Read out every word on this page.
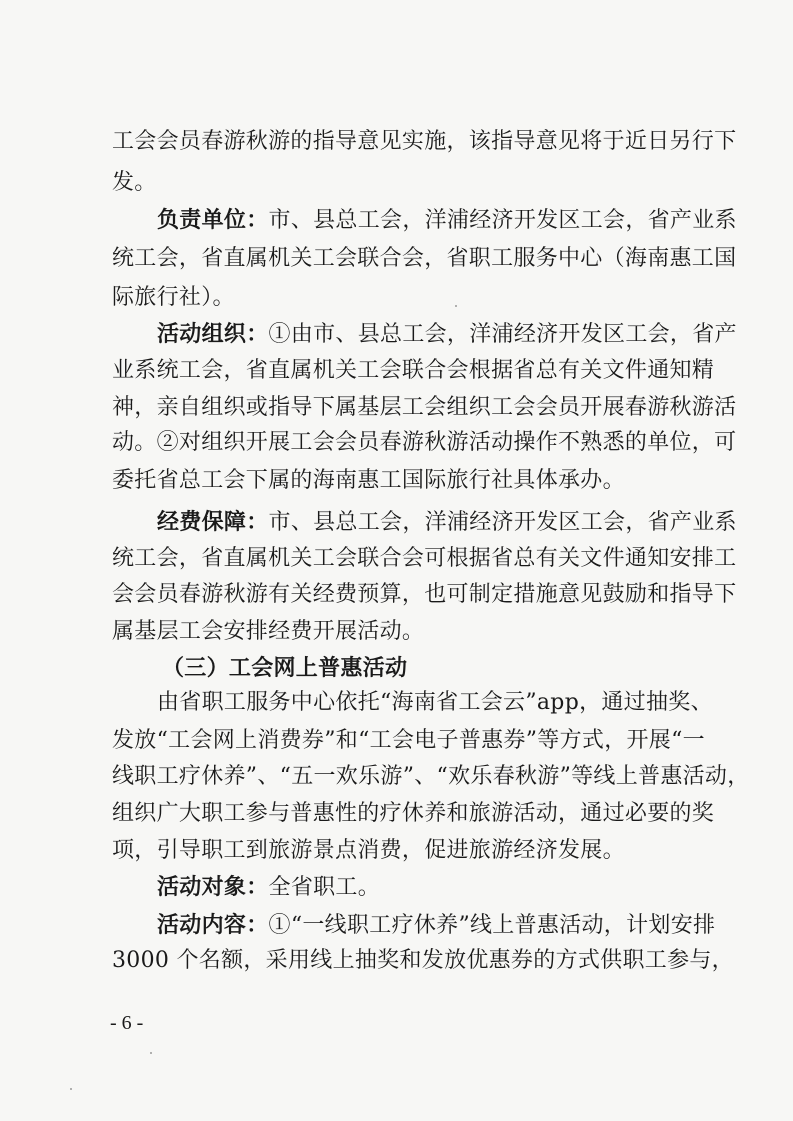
工会会员春游秋游的指导意见实施，该指导意见将于近日另行下
发。
负责单位：市、县总工会，洋浦经济开发区工会，省产业系
统工会，省直属机关工会联合会，省职工服务中心（海南惠工国
际旅行社）。
活动组织：①由市、县总工会，洋浦经济开发区工会，省产
业系统工会，省直属机关工会联合会根据省总有关文件通知精
神，亲自组织或指导下属基层工会组织工会会员开展春游秋游活
动。②对组织开展工会会员春游秋游活动操作不熟悉的单位，可
委托省总工会下属的海南惠工国际旅行社具体承办。
经费保障：市、县总工会，洋浦经济开发区工会，省产业系
统工会，省直属机关工会联合会可根据省总有关文件通知安排工
会会员春游秋游有关经费预算，也可制定措施意见鼓励和指导下
属基层工会安排经费开展活动。
（三）工会网上普惠活动
由省职工服务中心依托“海南省工会云”app，通过抽奖、
发放“工会网上消费券”和“工会电子普惠券”等方式，开展“一
线职工疗休养”、“五一欢乐游”、“欢乐春秋游”等线上普惠活动，
组织广大职工参与普惠性的疗休养和旅游活动，通过必要的奖
项，引导职工到旅游景点消费，促进旅游经济发展。
活动对象：全省职工。
活动内容：①“一线职工疗休养”线上普惠活动，计划安排
3000 个名额，采用线上抽奖和发放优惠券的方式供职工参与，
- 6 -
